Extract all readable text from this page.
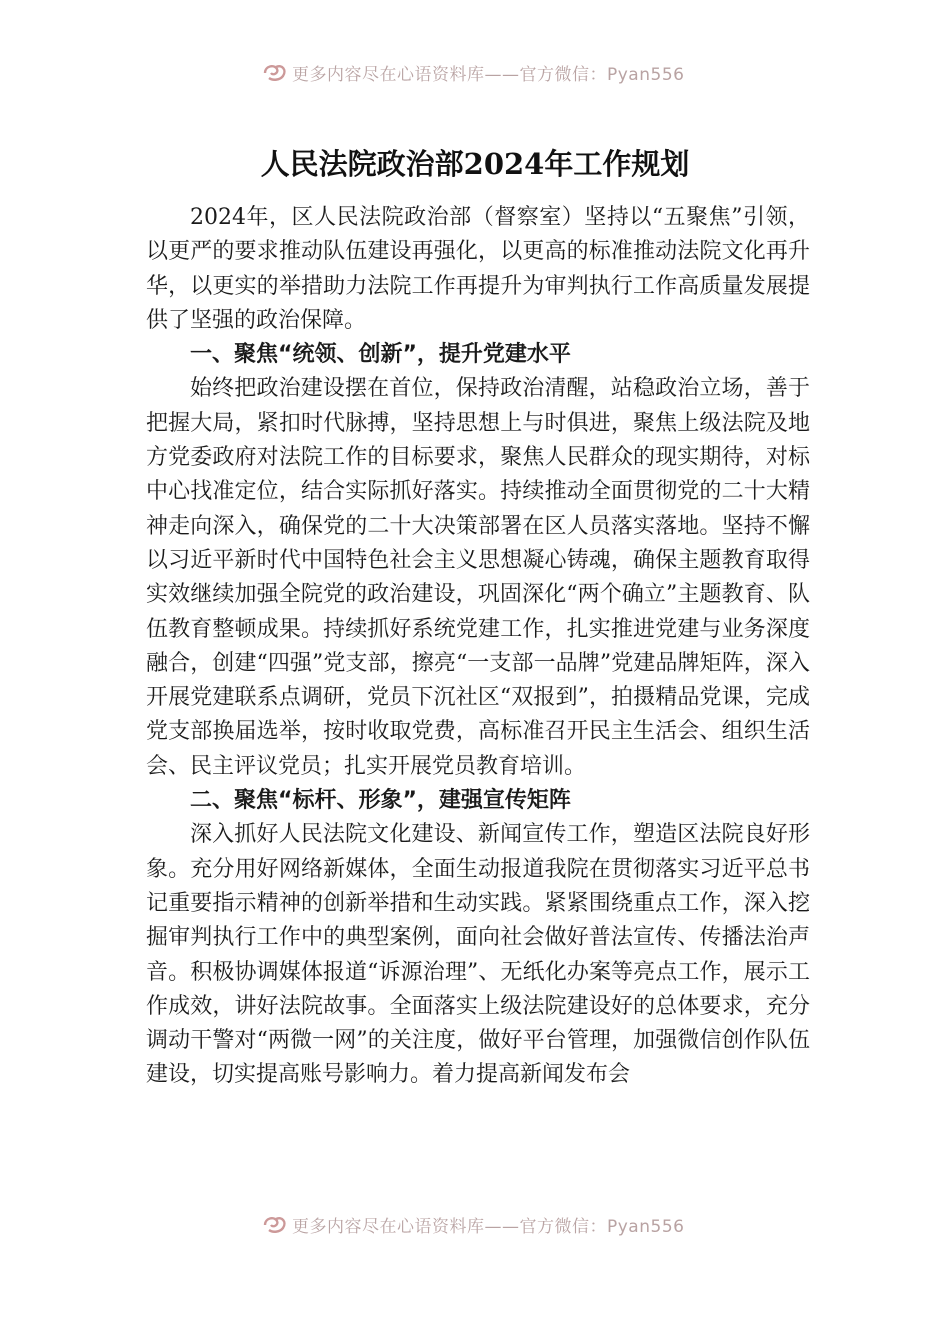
更多内容尽在心语资料库——官方微信：Pyan556
人民法院政治部2024年工作规划

2024年，区人民法院政治部（督察室）坚持以“五聚焦”引领，以更严的要求推动队伍建设再强化，以更高的标准推动法院文化再升华，以更实的举措助力法院工作再提升为审判执行工作高质量发展提供了坚强的政治保障。

一、聚焦“统领、创新”，提升党建水平

始终把政治建设摆在首位，保持政治清醒，站稳政治立场，善于把握大局，紧扣时代脉搏，坚持思想上与时俱进，聚焦上级法院及地方党委政府对法院工作的目标要求，聚焦人民群众的现实期待，对标中心找准定位，结合实际抓好落实。持续推动全面贯彻党的二十大精神走向深入，确保党的二十大决策部署在区人员落实落地。坚持不懈以习近平新时代中国特色社会主义思想凝心铸魂，确保主题教育取得实效继续加强全院党的政治建设，巩固深化“两个确立”主题教育、队伍教育整顿成果。持续抓好系统党建工作，扎实推进党建与业务深度融合，创建“四强”党支部，擦亮“一支部一品牌”党建品牌矩阵，深入开展党建联系点调研，党员下沉社区“双报到”，拍摄精品党课，完成党支部换届选举，按时收取党费，高标准召开民主生活会、组织生活会、民主评议党员；扎实开展党员教育培训。

二、聚焦“标杆、形象”，建强宣传矩阵

深入抓好人民法院文化建设、新闻宣传工作，塑造区法院良好形象。充分用好网络新媒体，全面生动报道我院在贯彻落实习近平总书记重要指示精神的创新举措和生动实践。紧紧围绕重点工作，深入挖掘审判执行工作中的典型案例，面向社会做好普法宣传、传播法治声音。积极协调媒体报道“诉源治理”、无纸化办案等亮点工作，展示工作成效，讲好法院故事。全面落实上级法院建设好的总体要求，充分调动干警对“两微一网”的关注度，做好平台管理，加强微信创作队伍建设，切实提高账号影响力。着力提高新闻发布会

更多内容尽在心语资料库——官方微信：Pyan556
